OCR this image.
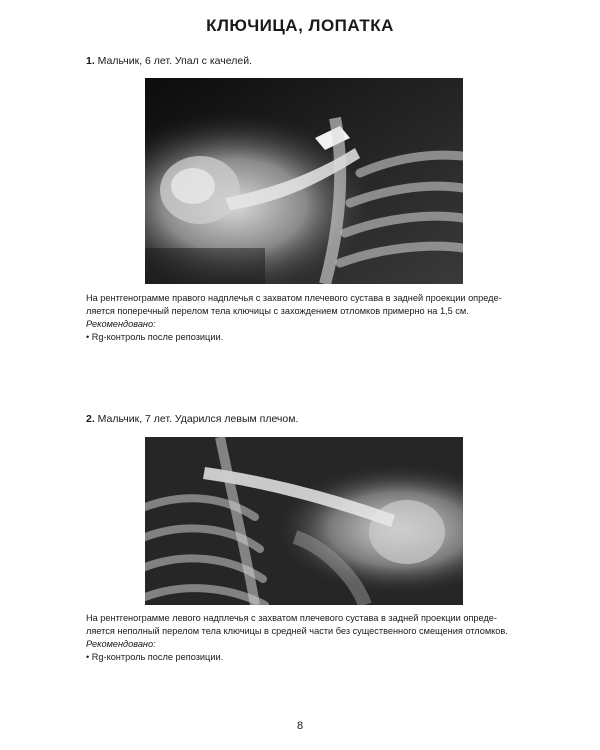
КЛЮЧИЦА, ЛОПАТКА
1. Мальчик, 6 лет. Упал с качелей.

На рентгенограмме правого надплечья с захватом плечевого сустава в задней проекции опреде-

ляется поперечный перелом тела ключицы с захождением отломков примерно на 1,5 см.

Рекомендовано:

• Rg-контроль после репозиции.

2. Мальчик, 7 лет. Ударился левым плечом.

На рентгенограмме левого надплечья с захватом плечевого сустава в задней проекции опреде-

ляется неполный перелом тела ключицы в средней части без существенного смещения отломков.

Рекомендовано:

• Rg-контроль после репозиции.

8
